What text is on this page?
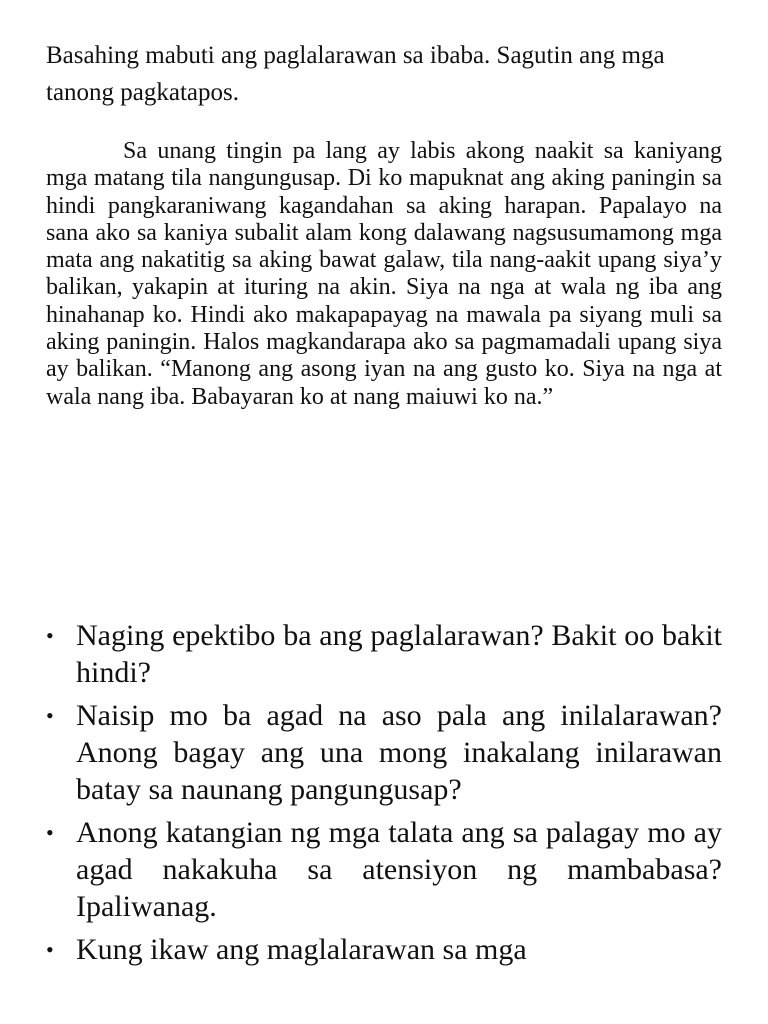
Basahing mabuti ang paglalarawan sa ibaba. Sagutin ang mga tanong pagkatapos.

Sa unang tingin pa lang ay labis akong naakit sa kaniyang mga matang tila nangungusap. Di ko mapuknat ang aking paningin sa hindi pangkaraniwang kagandahan sa aking harapan. Papalayo na sana ako sa kaniya subalit alam kong dalawang nagsusumamong mga mata ang nakatitig sa aking bawat galaw, tila nang-aakit upang siya’y balikan, yakapin at ituring na akin. Siya na nga at wala ng iba ang hinahanap ko. Hindi ako makapapayag na mawala pa siyang muli sa aking paningin. Halos magkandarapa ako sa pagmamadali upang siya ay balikan. “Manong ang asong iyan na ang gusto ko. Siya na nga at wala nang iba. Babayaran ko at nang maiuwi ko na.”

• Naging epektibo ba ang paglalarawan? Bakit oo bakit hindi?
• Naisip mo ba agad na aso pala ang inilalarawan? Anong bagay ang una mong inakalang inilarawan batay sa naunang pangungusap?
• Anong katangian ng mga talata ang sa palagay mo ay agad nakakuha sa atensiyon ng mambabasa? Ipaliwanag.
• Kung ikaw ang maglalarawan sa mga
